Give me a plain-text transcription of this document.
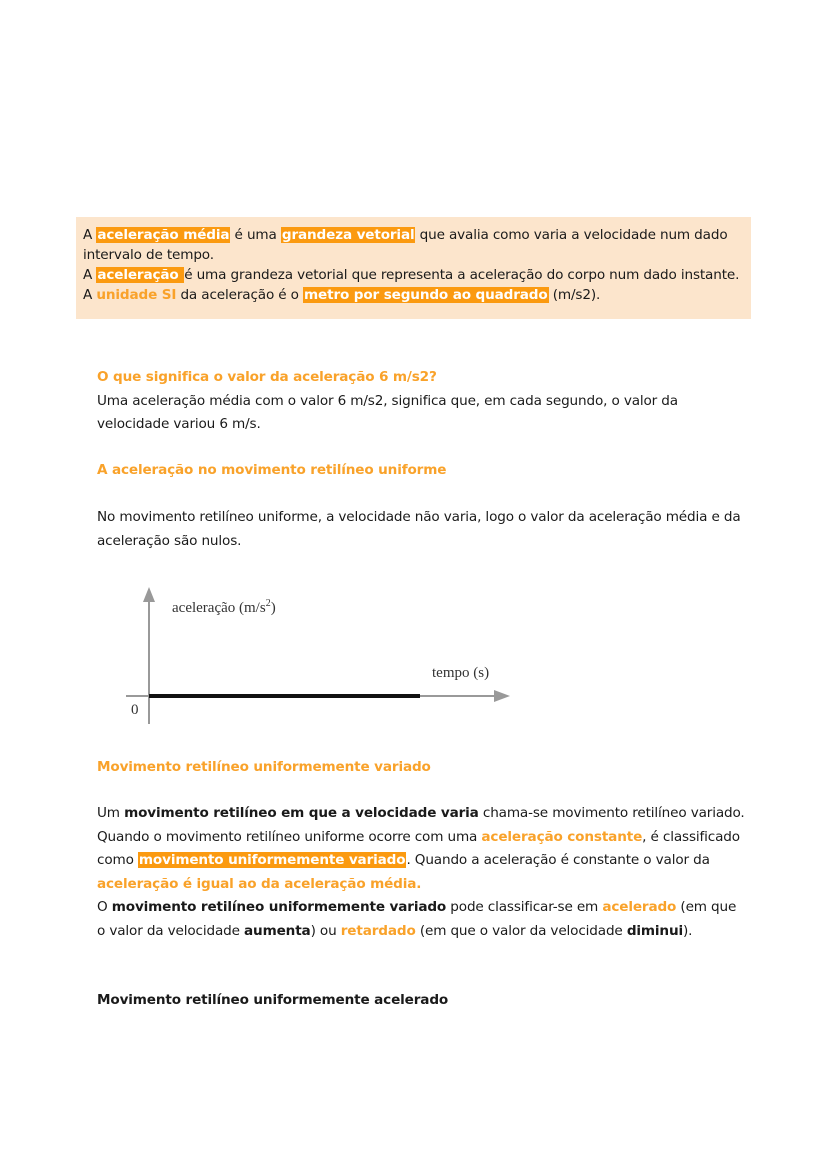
A aceleração média é uma grandeza vetorial que avalia como varia a velocidade num dado intervalo de tempo.
A aceleração é uma grandeza vetorial que representa a aceleração do corpo num dado instante. A unidade SI da aceleração é o metro por segundo ao quadrado (m/s2).
O que significa o valor da aceleração 6 m/s2?
Uma aceleração média com o valor 6 m/s2, significa que, em cada segundo, o valor da velocidade variou 6 m/s.
A aceleração no movimento retilíneo uniforme
No movimento retilíneo uniforme, a velocidade não varia, logo o valor da aceleração média e da aceleração são nulos.
aceleração $(m/s^2)$
tempo (s)
0
Movimento retilíneo uniformemente variado
Um movimento retilíneo em que a velocidade varia chama-se movimento retilíneo variado.
Quando o movimento retilíneo uniforme ocorre com uma aceleração constante, é classificado como movimento uniformemente variado. Quando a aceleração é constante o valor da aceleração é igual ao da aceleração média.
O movimento retilíneo uniformemente variado pode classificar-se em acelerado (em que o valor da velocidade aumenta) ou retardado (em que o valor da velocidade diminui).
Movimento retilíneo uniformemente acelerado
